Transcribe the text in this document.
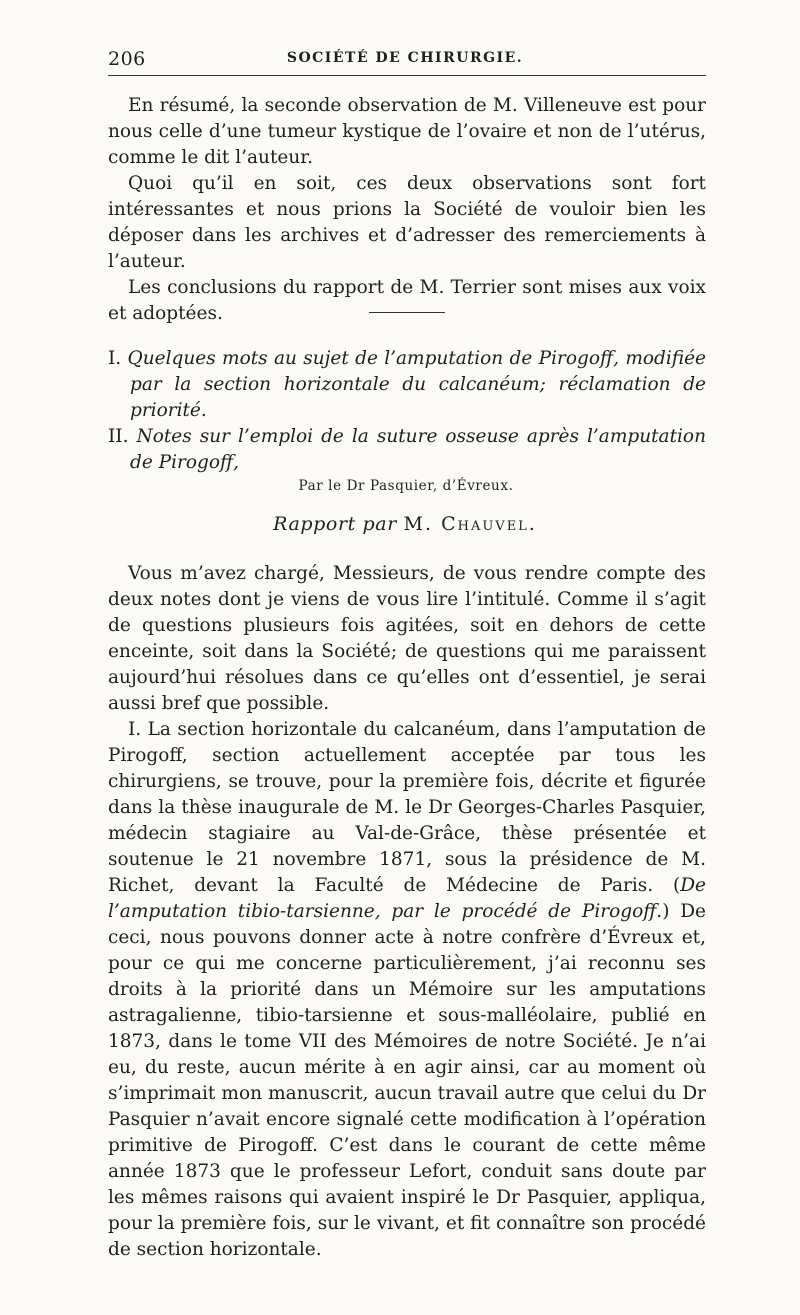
206	SOCIÉTÉ DE CHIRURGIE.

En résumé, la seconde observation de M. Villeneuve est pour nous celle d’une tumeur kystique de l’ovaire et non de l’utérus, comme le dit l’auteur.

Quoi qu’il en soit, ces deux observations sont fort intéressantes et nous prions la Société de vouloir bien les déposer dans les archives et d’adresser des remerciements à l’auteur.

Les conclusions du rapport de M. Terrier sont mises aux voix et adoptées.

I. Quelques mots au sujet de l’amputation de Pirogoff, modifiée par la section horizontale du calcanéum; réclamation de priorité.

II. Notes sur l’emploi de la suture osseuse après l’amputation de Pirogoff,

Par le Dr Pasquier, d’Évreux.
Rapport par M. Chauvel.

Vous m’avez chargé, Messieurs, de vous rendre compte des deux notes dont je viens de vous lire l’intitulé. Comme il s’agit de questions plusieurs fois agitées, soit en dehors de cette enceinte, soit dans la Société; de questions qui me paraissent aujourd’hui résolues dans ce qu’elles ont d’essentiel, je serai aussi bref que possible.

I. La section horizontale du calcanéum, dans l’amputation de Pirogoff, section actuellement acceptée par tous les chirurgiens, se trouve, pour la première fois, décrite et figurée dans la thèse inaugurale de M. le Dr Georges-Charles Pasquier, médecin stagiaire au Val-de-Grâce, thèse présentée et soutenue le 21 novembre 1871, sous la présidence de M. Richet, devant la Faculté de Médecine de Paris. (De l’amputation tibio-tarsienne, par le procédé de Pirogoff.) De ceci, nous pouvons donner acte à notre confrère d’Évreux et, pour ce qui me concerne particulièrement, j’ai reconnu ses droits à la priorité dans un Mémoire sur les amputations astragalienne, tibio-tarsienne et sous-malléolaire, publié en 1873, dans le tome VII des Mémoires de notre Société. Je n’ai eu, du reste, aucun mérite à en agir ainsi, car au moment où s’imprimait mon manuscrit, aucun travail autre que celui du Dr Pasquier n’avait encore signalé cette modification à l’opération primitive de Pirogoff. C’est dans le courant de cette même année 1873 que le professeur Lefort, conduit sans doute par les mêmes raisons qui avaient inspiré le Dr Pasquier, appliqua, pour la première fois, sur le vivant, et fit connaître son procédé de section horizontale.
